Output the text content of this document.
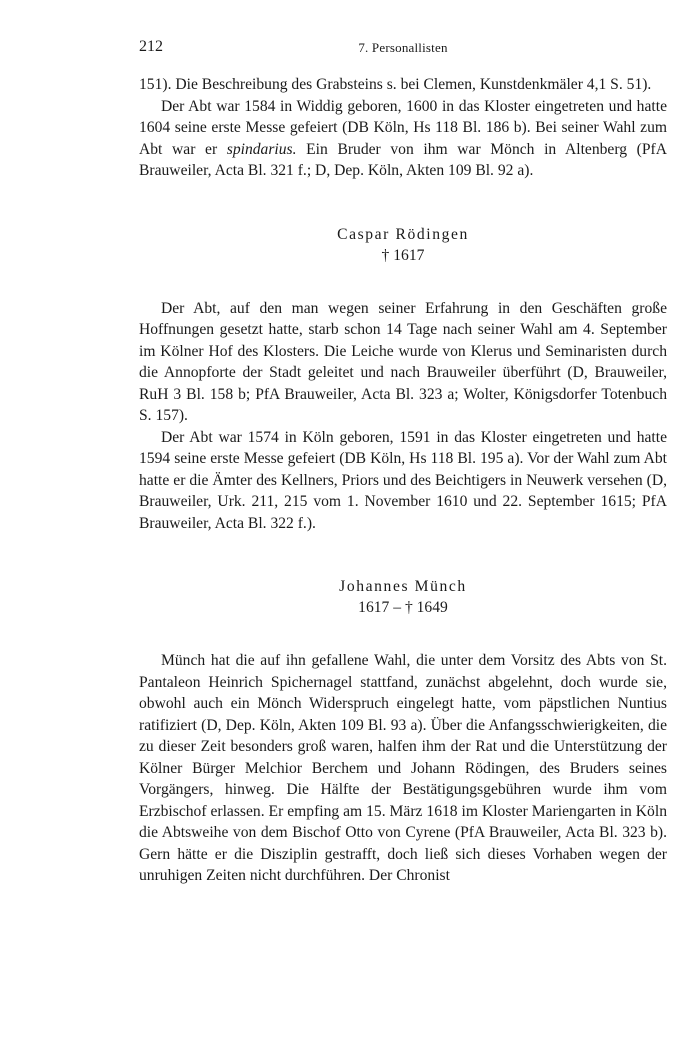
212	7. Personallisten

151). Die Beschreibung des Grabsteins s. bei Clemen, Kunstdenkmäler 4,1 S. 51).

Der Abt war 1584 in Widdig geboren, 1600 in das Kloster eingetreten und hatte 1604 seine erste Messe gefeiert (DB Köln, Hs 118 Bl. 186 b). Bei seiner Wahl zum Abt war er spindarius. Ein Bruder von ihm war Mönch in Altenberg (PfA Brauweiler, Acta Bl. 321 f.; D, Dep. Köln, Akten 109 Bl. 92 a).

Caspar Rödingen
† 1617

Der Abt, auf den man wegen seiner Erfahrung in den Geschäften große Hoffnungen gesetzt hatte, starb schon 14 Tage nach seiner Wahl am 4. September im Kölner Hof des Klosters. Die Leiche wurde von Klerus und Seminaristen durch die Annopforte der Stadt geleitet und nach Brauweiler überführt (D, Brauweiler, RuH 3 Bl. 158 b; PfA Brauweiler, Acta Bl. 323 a; Wolter, Königsdorfer Totenbuch S. 157).

Der Abt war 1574 in Köln geboren, 1591 in das Kloster eingetreten und hatte 1594 seine erste Messe gefeiert (DB Köln, Hs 118 Bl. 195 a). Vor der Wahl zum Abt hatte er die Ämter des Kellners, Priors und des Beichtigers in Neuwerk versehen (D, Brauweiler, Urk. 211, 215 vom 1. November 1610 und 22. September 1615; PfA Brauweiler, Acta Bl. 322 f.).

Johannes Münch
1617 – † 1649

Münch hat die auf ihn gefallene Wahl, die unter dem Vorsitz des Abts von St. Pantaleon Heinrich Spichernagel stattfand, zunächst abgelehnt, doch wurde sie, obwohl auch ein Mönch Widerspruch eingelegt hatte, vom päpstlichen Nuntius ratifiziert (D, Dep. Köln, Akten 109 Bl. 93 a). Über die Anfangsschwierigkeiten, die zu dieser Zeit besonders groß waren, halfen ihm der Rat und die Unterstützung der Kölner Bürger Melchior Berchem und Johann Rödingen, des Bruders seines Vorgängers, hinweg. Die Hälfte der Bestätigungsgebühren wurde ihm vom Erzbischof erlassen. Er empfing am 15. März 1618 im Kloster Mariengarten in Köln die Abtsweihe von dem Bischof Otto von Cyrene (PfA Brauweiler, Acta Bl. 323 b). Gern hätte er die Disziplin gestrafft, doch ließ sich dieses Vorhaben wegen der unruhigen Zeiten nicht durchführen. Der Chronist
